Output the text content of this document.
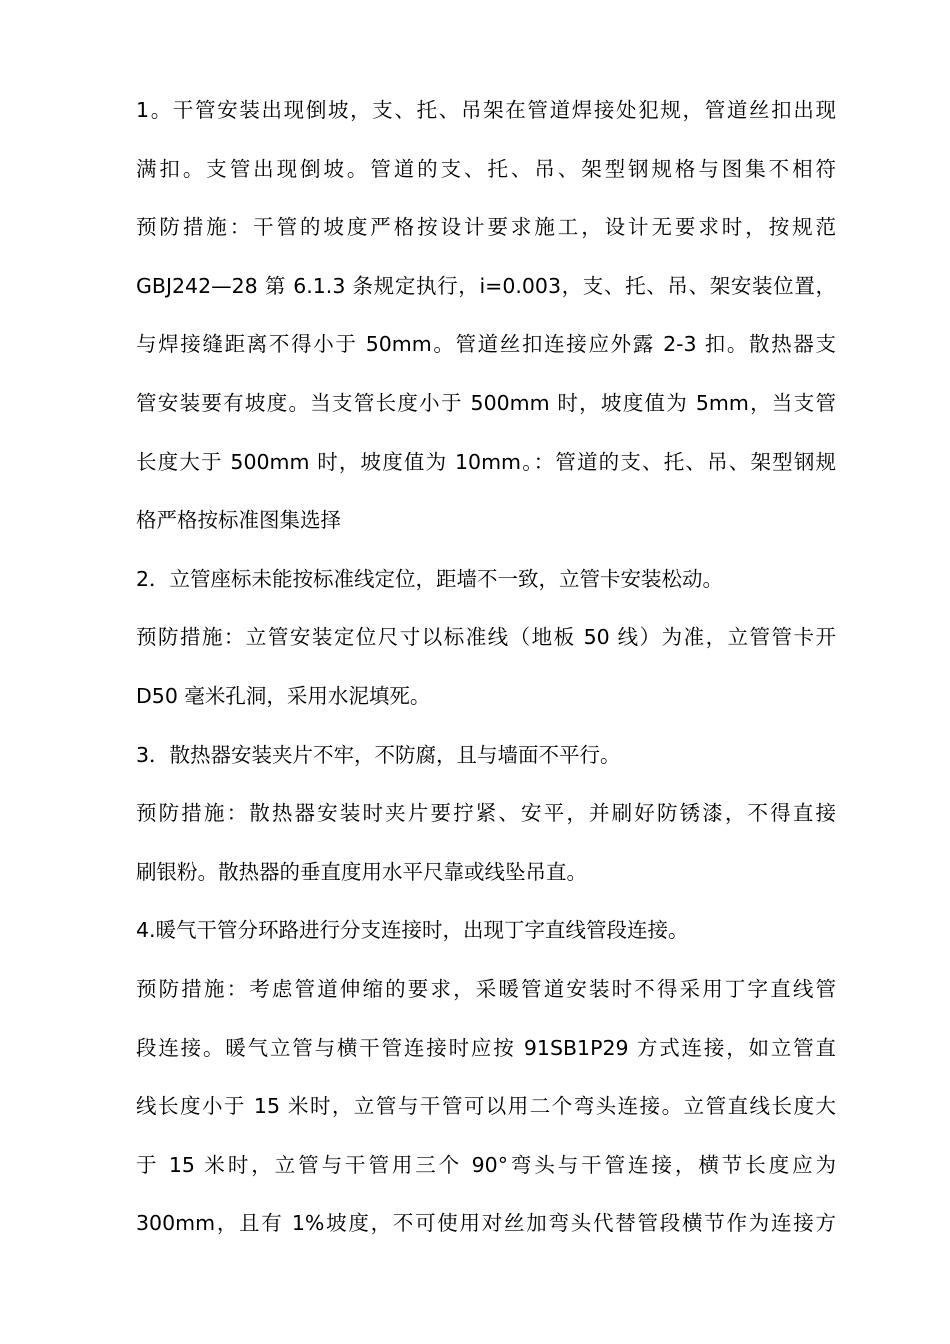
1。干管安装出现倒坡，支、托、吊架在管道焊接处犯规，管道丝扣出现
满扣。支管出现倒坡。管道的支、托、吊、架型钢规格与图集不相符
预防措施：干管的坡度严格按设计要求施工，设计无要求时，按规范
GBJ242—28 第 6.1.3 条规定执行，i=0.003，支、托、吊、架安装位置，
与焊接缝距离不得小于 50mm。管道丝扣连接应外露 2-3 扣。散热器支
管安装要有坡度。当支管长度小于 500mm 时，坡度值为 5mm，当支管
长度大于 500mm 时，坡度值为 10mm。：管道的支、托、吊、架型钢规
格严格按标准图集选择
2．立管座标未能按标准线定位，距墙不一致，立管卡安装松动。
预防措施：立管安装定位尺寸以标准线（地板 50 线）为准，立管管卡开
D50 毫米孔洞，采用水泥填死。
3．散热器安装夹片不牢，不防腐，且与墙面不平行。
预防措施：散热器安装时夹片要拧紧、安平，并刷好防锈漆，不得直接
刷银粉。散热器的垂直度用水平尺靠或线坠吊直。
4.暖气干管分环路进行分支连接时，出现丁字直线管段连接。
预防措施：考虑管道伸缩的要求，采暖管道安装时不得采用丁字直线管
段连接。暖气立管与横干管连接时应按 91SB1P29 方式连接，如立管直
线长度小于 15 米时，立管与干管可以用二个弯头连接。立管直线长度大
于 15 米时，立管与干管用三个 90°弯头与干管连接，横节长度应为
300mm，且有 1%坡度，不可使用对丝加弯头代替管段横节作为连接方
